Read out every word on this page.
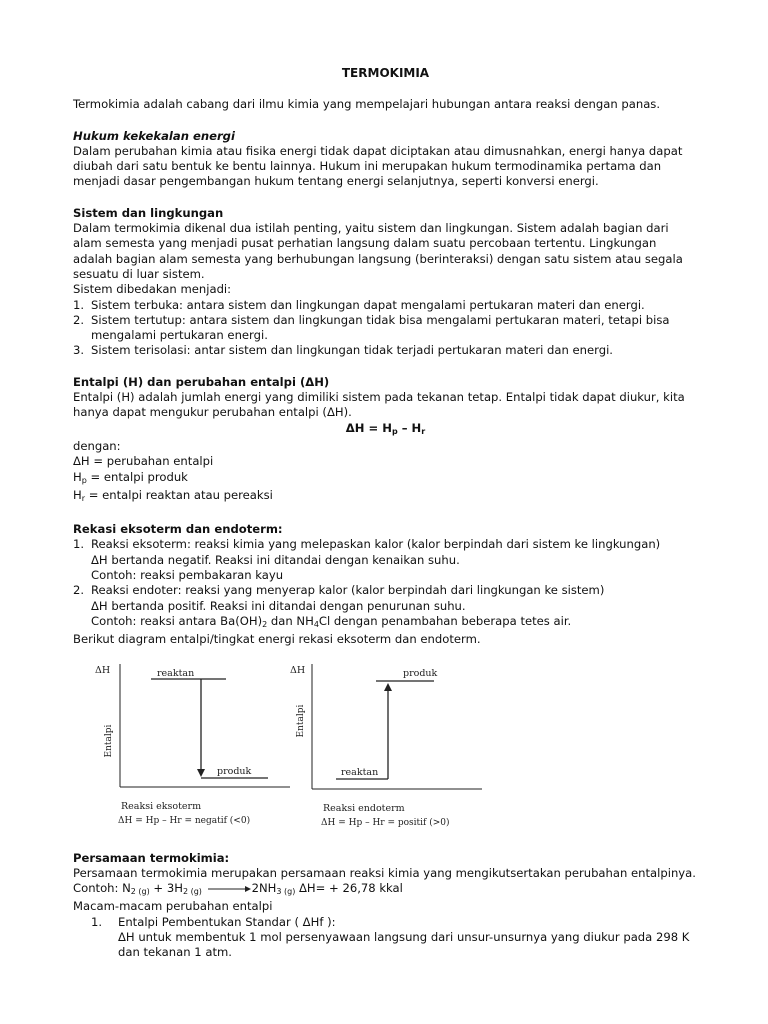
TERMOKIMIA

Termokimia adalah cabang dari ilmu kimia yang mempelajari hubungan antara reaksi dengan panas.

Hukum kekekalan energi

Dalam perubahan kimia atau fisika energi tidak dapat diciptakan atau dimusnahkan, energi hanya dapat diubah dari satu bentuk ke bentu lainnya. Hukum ini merupakan hukum termodinamika pertama dan menjadi dasar pengembangan hukum tentang energi selanjutnya, seperti konversi energi.

Sistem dan lingkungan

Dalam termokimia dikenal dua istilah penting, yaitu sistem dan lingkungan. Sistem adalah bagian dari alam semesta yang menjadi pusat perhatian langsung dalam suatu percobaan tertentu. Lingkungan adalah bagian alam semesta yang berhubungan langsung (berinteraksi) dengan satu sistem atau segala sesuatu di luar sistem.

Sistem dibedakan menjadi:

1. Sistem terbuka: antara sistem dan lingkungan dapat mengalami pertukaran materi dan energi.
2. Sistem tertutup: antara sistem dan lingkungan tidak bisa mengalami pertukaran materi, tetapi bisa mengalami pertukaran energi.
3. Sistem terisolasi: antar sistem dan lingkungan tidak terjadi pertukaran materi dan energi.

Entalpi (H) dan perubahan entalpi (ΔH)

Entalpi (H) adalah jumlah energi yang dimiliki sistem pada tekanan tetap. Entalpi tidak dapat diukur, kita hanya dapat mengukur perubahan entalpi (ΔH).

$\Delta H = H_p - H_r$

dengan:

ΔH = perubahan entalpi

$H_p$ = entalpi produk

$H_r$ = entalpi reaktan atau pereaksi

Rekasi eksoterm dan endoterm:

1. Reaksi eksoterm: reaksi kimia yang melepaskan kalor (kalor berpindah dari sistem ke lingkungan)
ΔH bertanda negatif. Reaksi ini ditandai dengan kenaikan suhu.
Contoh: reaksi pembakaran kayu
2. Reaksi endoter: reaksi yang menyerap kalor (kalor berpindah dari lingkungan ke sistem)
ΔH bertanda positif. Reaksi ini ditandai dengan penurunan suhu.
Contoh: reaksi antara $Ba(OH)_2$ dan $NH_4Cl$ dengan penambahan beberapa tetes air.

Berikut diagram entalpi/tingkat energi rekasi eksoterm dan endoterm.

ΔH
Entalpi
reaktan
produk
Reaksi eksoterm
ΔH = Hp – Hr = negatif (<0)
ΔH
Entalpi
produk
reaktan
Reaksi endoterm
ΔH = Hp – Hr = positif (>0)

Persamaan termokimia:

Persamaan termokimia merupakan persamaan reaksi kimia yang mengikutsertakan perubahan entalpinya.

Contoh: $N_{2 (g)} + 3H_{2 (g)} \to 2NH_{3 (g)}$ ΔH= + 26,78 kkal

Macam-macam perubahan entalpi

1.	Entalpi Pembentukan Standar ( ΔHf ):
ΔH untuk membentuk 1 mol persenyawaan langsung dari unsur-unsurnya yang diukur pada 298 K dan tekanan 1 atm.
